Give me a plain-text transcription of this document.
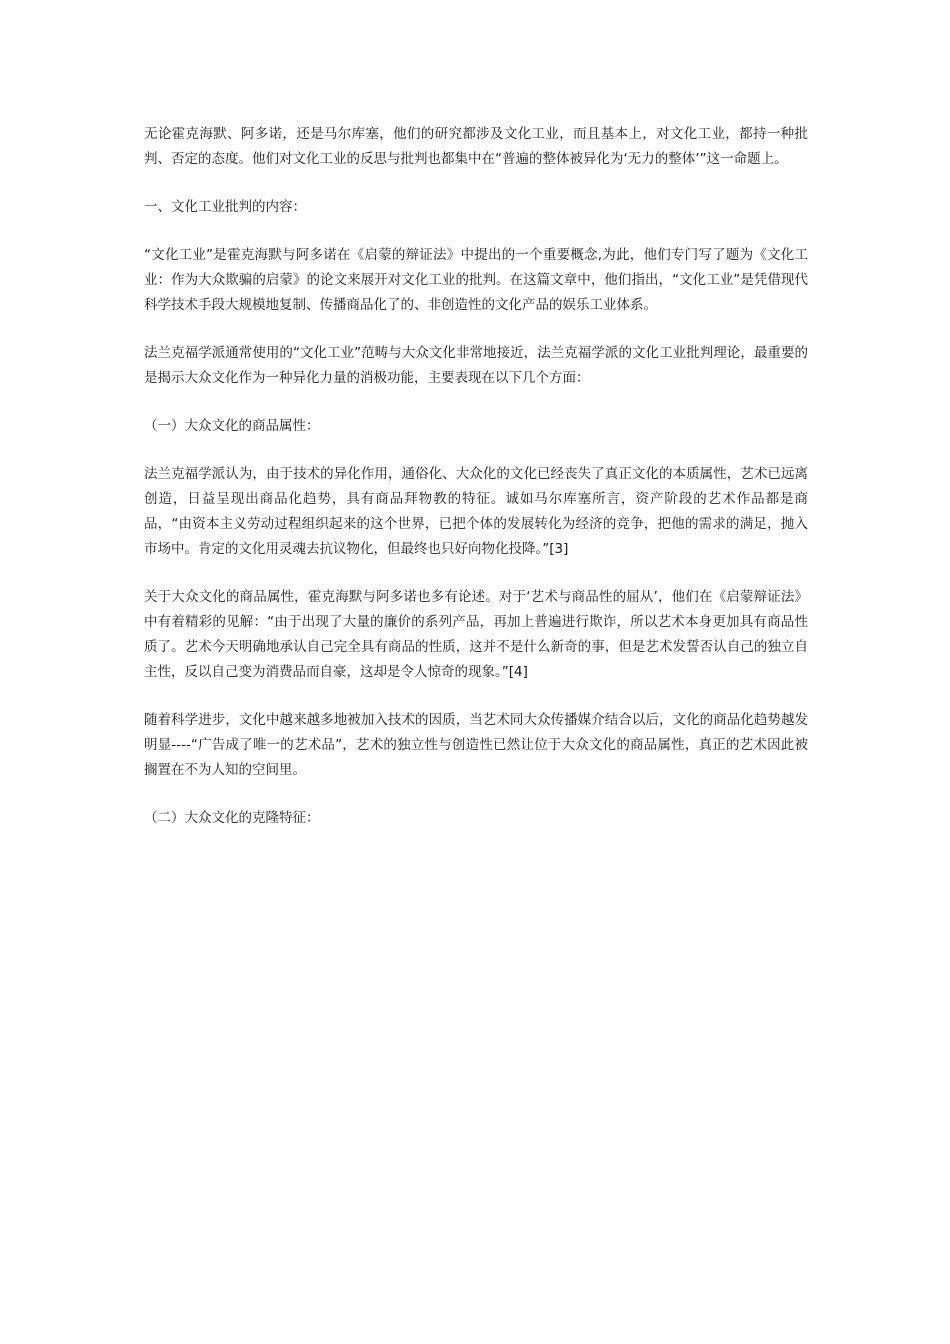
无论霍克海默、阿多诺，还是马尔库塞，他们的研究都涉及文化工业，而且基本上，对文化工业，都持一种批判、否定的态度。他们对文化工业的反思与批判也都集中在“普遍的整体被异化为‘无力的整体’”这一命题上。

一、文化工业批判的内容：

“文化工业”是霍克海默与阿多诺在《启蒙的辩证法》中提出的一个重要概念,为此，他们专门写了题为《文化工业：作为大众欺骗的启蒙》的论文来展开对文化工业的批判。在这篇文章中，他们指出，“文化工业”是凭借现代科学技术手段大规模地复制、传播商品化了的、非创造性的文化产品的娱乐工业体系。

法兰克福学派通常使用的“文化工业”范畴与大众文化非常地接近，法兰克福学派的文化工业批判理论，最重要的是揭示大众文化作为一种异化力量的消极功能，主要表现在以下几个方面：

（一）大众文化的商品属性：

法兰克福学派认为，由于技术的异化作用，通俗化、大众化的文化已经丧失了真正文化的本质属性，艺术已远离创造，日益呈现出商品化趋势，具有商品拜物教的特征。诚如马尔库塞所言，资产阶段的艺术作品都是商品，“由资本主义劳动过程组织起来的这个世界，已把个体的发展转化为经济的竞争，把他的需求的满足，抛入市场中。肯定的文化用灵魂去抗议物化，但最终也只好向物化投降。”[3]

关于大众文化的商品属性，霍克海默与阿多诺也多有论述。对于‘艺术与商品性的屈从’，他们在《启蒙辩证法》中有着精彩的见解：“由于出现了大量的廉价的系列产品，再加上普遍进行欺诈，所以艺术本身更加具有商品性质了。艺术今天明确地承认自己完全具有商品的性质，这并不是什么新奇的事，但是艺术发誓否认自己的独立自主性，反以自己变为消费品而自豪，这却是令人惊奇的现象。”[4]

随着科学进步，文化中越来越多地被加入技术的因质，当艺术同大众传播媒介结合以后，文化的商品化趋势越发明显----“广告成了唯一的艺术品”，艺术的独立性与创造性已然让位于大众文化的商品属性，真正的艺术因此被搁置在不为人知的空间里。

（二）大众文化的克隆特征：
